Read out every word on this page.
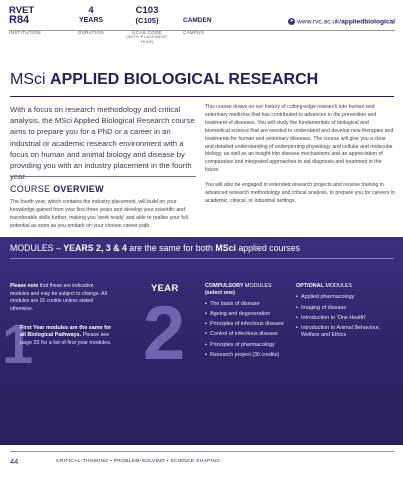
RVET
R84
INSTITUTION
4
YEARS
DURATION
C103
(C105)
UCAS CODE
(WITH PLACEMENT YEAR)
CAMDEN
CAMPUS
➤ www.rvc.ac.uk/appliedbiological
MSci APPLIED BIOLOGICAL RESEARCH
With a focus on research methodology and critical analysis, the MSci Applied Biological Research course aims to prepare you for a PhD or a career in an industrial or academic research environment with a focus on human and animal biology and disease by providing you with an industry placement in the fourth year.
COURSE OVERVIEW
The fourth year, which contains the industry placement, will build on your knowledge gained from your first three years and develop your scientific and transferable skills further, making you 'work ready' and able to realise your full potential as soon as you embark on your chosen career path.

This course draws on our history of cutting-edge research into human and veterinary medicine that has contributed to advances in the prevention and treatment of diseases. You will study the fundamentals of biological and biomedical science that are needed to understand and develop new therapies and treatments for human and veterinary diseases. The course will give you a clear and detailed understanding of underpinning physiology and cellular and molecular biology, as well as an insight into disease mechanisms and an appreciation of comparative and integrated approaches to aid diagnosis and treatment in the future.

You will also be engaged in extended research projects and receive training in advanced research methodology and critical analysis, to prepare you for careers in academic, clinical, or industrial settings.

MODULES – YEARS 2, 3 & 4 are the same for both MSci applied courses
Please note that these are indicative modules and may be subject to change. All modules are 15 credits unless stated otherwise.
1
First Year modules are the same for all Biological Pathways. Please see page 33 for a list of first year modules.
YEAR
2
COMPULSORY MODULES
(select one)
• The basis of disease
• Ageing and degeneration
• Principles of infectious disease
• Control of infectious disease
• Principles of pharmacology
• Research project (30 credits)
OPTIONAL MODULES
• Applied pharmacology
• Imaging of disease
• Introduction to 'One Health'
• Introduction to Animal Behaviour, Welfare and Ethics
44	CRITICAL-THINKING • PROBLEM-SOLVING • SCIENCE-SHAPING
